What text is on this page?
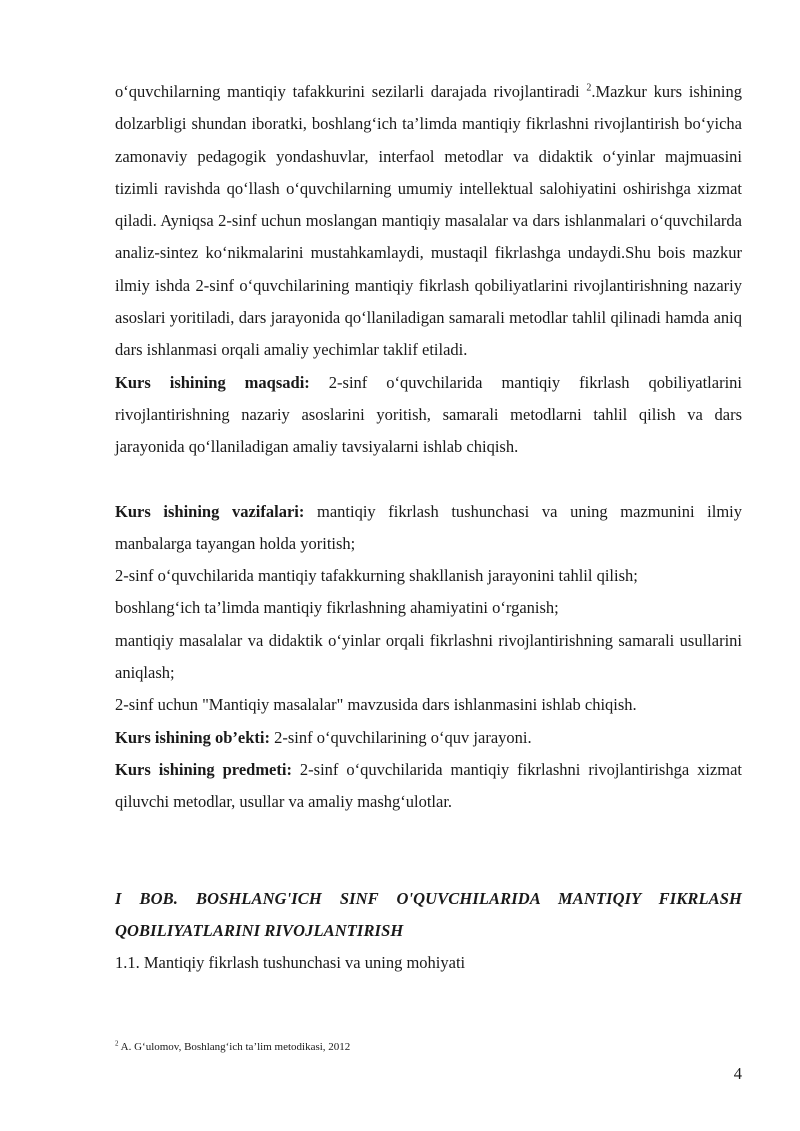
o‘quvchilarning mantiqiy tafakkurini sezilarli darajada rivojlantiradi $^2$.Mazkur kurs ishining dolzarbligi shundan iboratki, boshlang‘ich ta’limda mantiqiy fikrlashni rivojlantirish bo‘yicha zamonaviy pedagogik yondashuvlar, interfaol metodlar va didaktik o‘yinlar majmuasini tizimli ravishda qo‘llash o‘quvchilarning umumiy intellektual salohiyatini oshirishga xizmat qiladi. Ayniqsa 2-sinf uchun moslangan mantiqiy masalalar va dars ishlanmalari o‘quvchilarda analiz-sintez ko‘nikmalarini mustahkamlaydi, mustaqil fikrlashga undaydi.Shu bois mazkur ilmiy ishda 2-sinf o‘quvchilarining mantiqiy fikrlash qobiliyatlarini rivojlantirishning nazariy asoslari yoritiladi, dars jarayonida qo‘llaniladigan samarali metodlar tahlil qilinadi hamda aniq dars ishlanmasi orqali amaliy yechimlar taklif etiladi.

Kurs ishining maqsadi: 2-sinf o‘quvchilarida mantiqiy fikrlash qobiliyatlarini rivojlantirishning nazariy asoslarini yoritish, samarali metodlarni tahlil qilish va dars jarayonida qo‘llaniladigan amaliy tavsiyalarni ishlab chiqish.

Kurs ishining vazifalari: mantiqiy fikrlash tushunchasi va uning mazmunini ilmiy manbalarga tayangan holda yoritish;

2-sinf o‘quvchilarida mantiqiy tafakkurning shakllanish jarayonini tahlil qilish;

boshlang‘ich ta’limda mantiqiy fikrlashning ahamiyatini o‘rganish;

mantiqiy masalalar va didaktik o‘yinlar orqali fikrlashni rivojlantirishning samarali usullarini aniqlash;

2-sinf uchun "Mantiqiy masalalar" mavzusida dars ishlanmasini ishlab chiqish.

Kurs ishining ob’ekti: 2-sinf o‘quvchilarining o‘quv jarayoni.

Kurs ishining predmeti: 2-sinf o‘quvchilarida mantiqiy fikrlashni rivojlantirishga xizmat qiluvchi metodlar, usullar va amaliy mashg‘ulotlar.

I BOB. BOSHLANG'ICH SINF O'QUVCHILARIDA MANTIQIY FIKRLASH QOBILIYATLARINI RIVOJLANTIRISH

1.1. Mantiqiy fikrlash tushunchasi va uning mohiyati

$^2$ A. G‘ulomov, Boshlang‘ich ta’lim metodikasi, 2012
4
